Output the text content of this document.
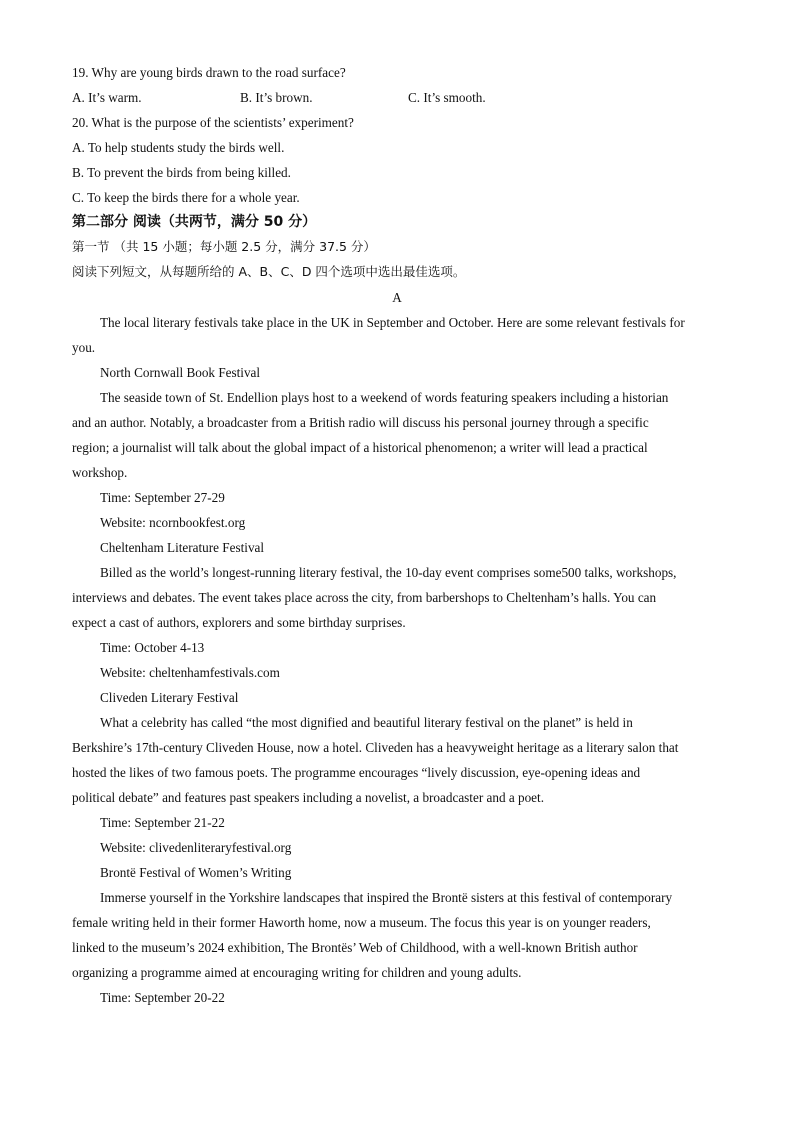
19. Why are young birds drawn to the road surface?
A. It’s warm.	B. It’s brown.	C. It’s smooth.
20. What is the purpose of the scientists’ experiment?
A. To help students study the birds well.
B. To prevent the birds from being killed.
C. To keep the birds there for a whole year.
第二部分 阅读（共两节，满分 50 分）
第一节 （共 15 小题；每小题 2.5 分，满分 37.5 分）
阅读下列短文，从每题所给的 A、B、C、D 四个选项中选出最佳选项。
A
The local literary festivals take place in the UK in September and October. Here are some relevant festivals for
you.
North Cornwall Book Festival
The seaside town of St. Endellion plays host to a weekend of words featuring speakers including a historian
and an author. Notably, a broadcaster from a British radio will discuss his personal journey through a specific
region; a journalist will talk about the global impact of a historical phenomenon; a writer will lead a practical
workshop.
Time: September 27-29
Website: ncornbookfest.org
Cheltenham Literature Festival
Billed as the world’s longest-running literary festival, the 10-day event comprises some500 talks, workshops,
interviews and debates. The event takes place across the city, from barbershops to Cheltenham’s halls. You can
expect a cast of authors, explorers and some birthday surprises.
Time: October 4-13
Website: cheltenhamfestivals.com
Cliveden Literary Festival
What a celebrity has called “the most dignified and beautiful literary festival on the planet” is held in
Berkshire’s 17th-century Cliveden House, now a hotel. Cliveden has a heavyweight heritage as a literary salon that
hosted the likes of two famous poets. The programme encourages “lively discussion, eye-opening ideas and
political debate” and features past speakers including a novelist, a broadcaster and a poet.
Time: September 21-22
Website: clivedenliteraryfestival.org
Brontë Festival of Women’s Writing
Immerse yourself in the Yorkshire landscapes that inspired the Brontë sisters at this festival of contemporary
female writing held in their former Haworth home, now a museum. The focus this year is on younger readers,
linked to the museum’s 2024 exhibition, The Brontës’ Web of Childhood, with a well-known British author
organizing a programme aimed at encouraging writing for children and young adults.
Time: September 20-22
